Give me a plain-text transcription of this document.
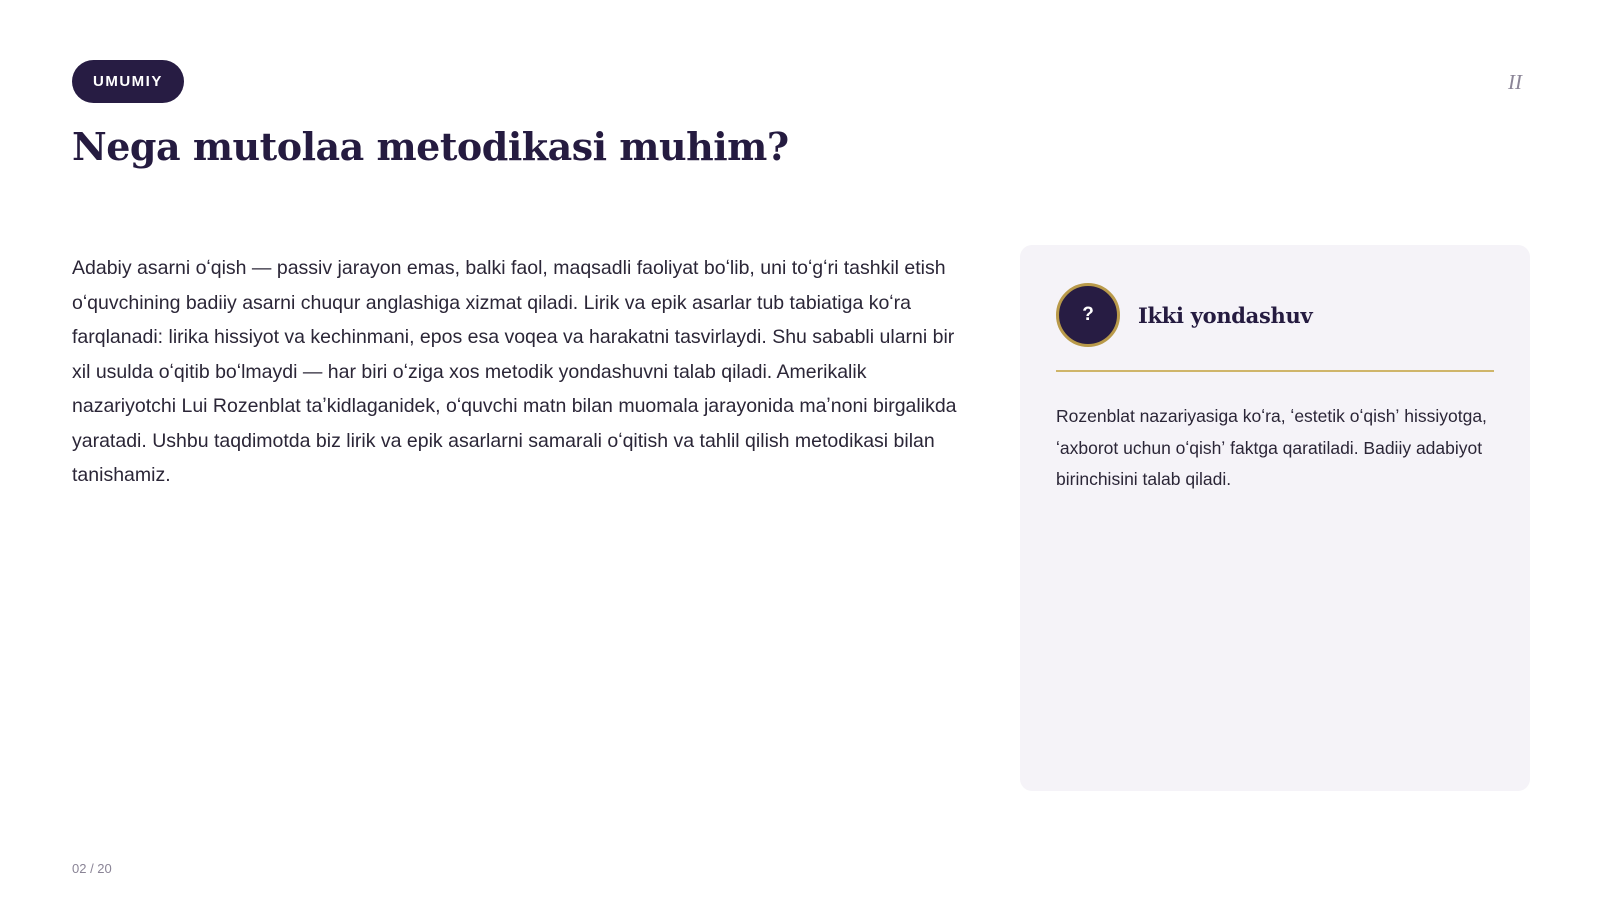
UMUMIY	II
Nega mutolaa metodikasi muhim?

Adabiy asarni oʻqish — passiv jarayon emas, balki faol, maqsadli faoliyat boʻlib, uni toʻgʻri tashkil etish oʻquvchining badiiy asarni chuqur anglashiga xizmat qiladi. Lirik va epik asarlar tub tabiatiga koʻra farqlanadi: lirika hissiyot va kechinmani, epos esa voqea va harakatni tasvirlaydi. Shu sababli ularni bir xil usulda oʻqitib boʻlmaydi — har biri oʻziga xos metodik yondashuvni talab qiladi. Amerikalik nazariyotchi Lui Rozenblat taʼkidlaganidek, oʻquvchi matn bilan muomala jarayonida maʼnoni birgalikda yaratadi. Ushbu taqdimotda biz lirik va epik asarlarni samarali oʻqitish va tahlil qilish metodikasi bilan tanishamiz.

?	Ikki yondashuv
Rozenblat nazariyasiga koʻra, ʻestetik oʻqishʼ hissiyotga, ʻaxborot uchun oʻqishʼ faktga qaratiladi. Badiiy adabiyot birinchisini talab qiladi.
02 / 20
